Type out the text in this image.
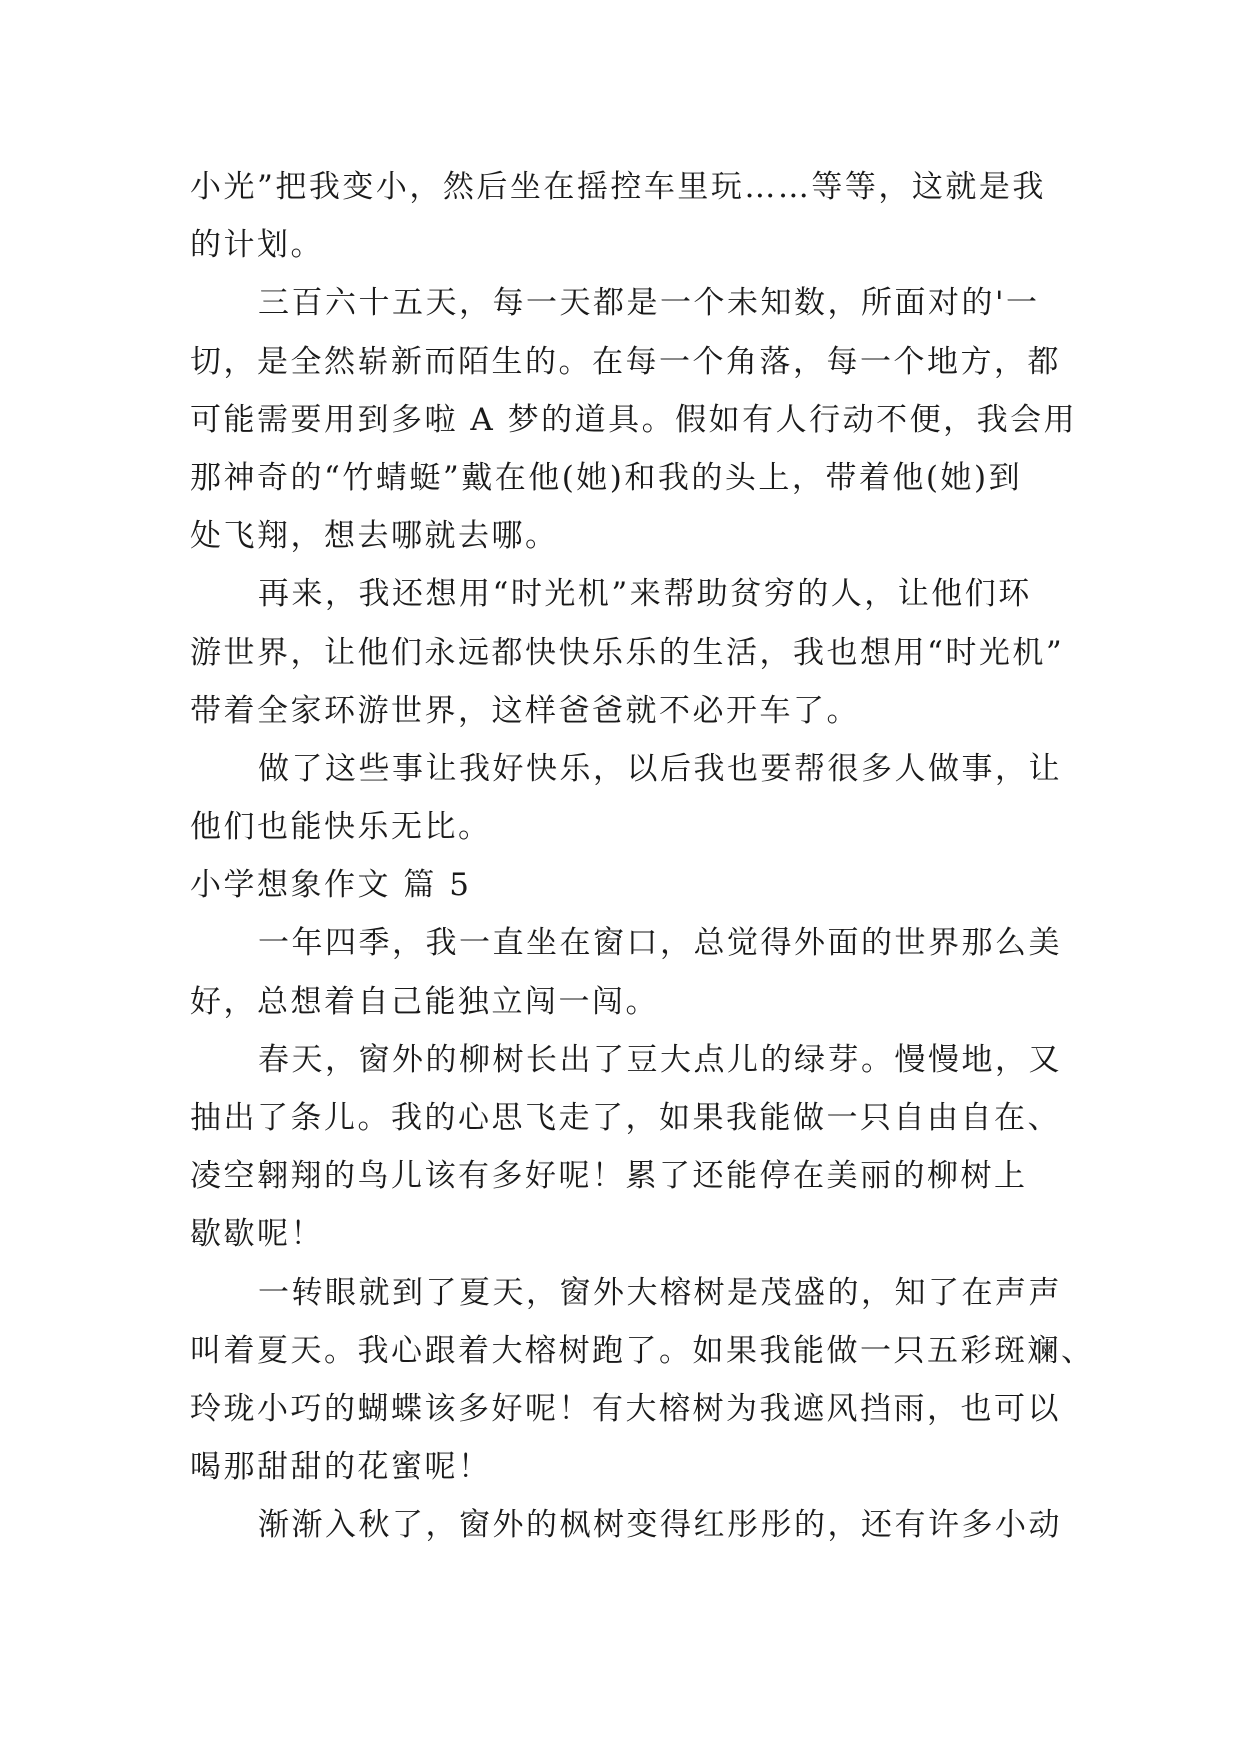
小光”把我变小，然后坐在摇控车里玩……等等，这就是我
的计划。
三百六十五天，每一天都是一个未知数，所面对的'一
切，是全然崭新而陌生的。在每一个角落，每一个地方，都
可能需要用到多啦 A 梦的道具。假如有人行动不便，我会用
那神奇的“竹蜻蜓”戴在他(她)和我的头上，带着他(她)到
处飞翔，想去哪就去哪。
再来，我还想用“时光机”来帮助贫穷的人，让他们环
游世界，让他们永远都快快乐乐的生活，我也想用“时光机”
带着全家环游世界，这样爸爸就不必开车了。
做了这些事让我好快乐，以后我也要帮很多人做事，让
他们也能快乐无比。
小学想象作文 篇 5
一年四季，我一直坐在窗口，总觉得外面的世界那么美
好，总想着自己能独立闯一闯。
春天，窗外的柳树长出了豆大点儿的绿芽。慢慢地，又
抽出了条儿。我的心思飞走了，如果我能做一只自由自在、
凌空翱翔的鸟儿该有多好呢！累了还能停在美丽的柳树上
歇歇呢！
一转眼就到了夏天，窗外大榕树是茂盛的，知了在声声
叫着夏天。我心跟着大榕树跑了。如果我能做一只五彩斑斓、
玲珑小巧的蝴蝶该多好呢！有大榕树为我遮风挡雨，也可以
喝那甜甜的花蜜呢！
渐渐入秋了，窗外的枫树变得红彤彤的，还有许多小动
